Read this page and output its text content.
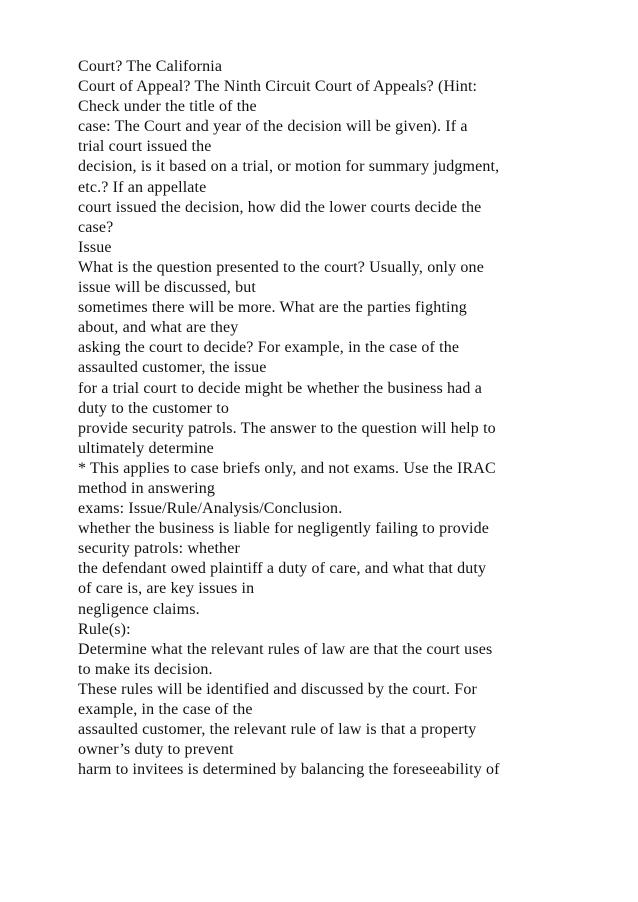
Court? The California
Court of Appeal? The Ninth Circuit Court of Appeals? (Hint:
Check under the title of the
case: The Court and year of the decision will be given). If a
trial court issued the
decision, is it based on a trial, or motion for summary judgment,
etc.? If an appellate
court issued the decision, how did the lower courts decide the
case?
Issue
What is the question presented to the court? Usually, only one
issue will be discussed, but
sometimes there will be more. What are the parties fighting
about, and what are they
asking the court to decide? For example, in the case of the
assaulted customer, the issue
for a trial court to decide might be whether the business had a
duty to the customer to
provide security patrols. The answer to the question will help to
ultimately determine
* This applies to case briefs only, and not exams. Use the IRAC
method in answering
exams: Issue/Rule/Analysis/Conclusion.
whether the business is liable for negligently failing to provide
security patrols: whether
the defendant owed plaintiff a duty of care, and what that duty
of care is, are key issues in
negligence claims.
Rule(s):
Determine what the relevant rules of law are that the court uses
to make its decision.
These rules will be identified and discussed by the court. For
example, in the case of the
assaulted customer, the relevant rule of law is that a property
owner’s duty to prevent
harm to invitees is determined by balancing the foreseeability of
